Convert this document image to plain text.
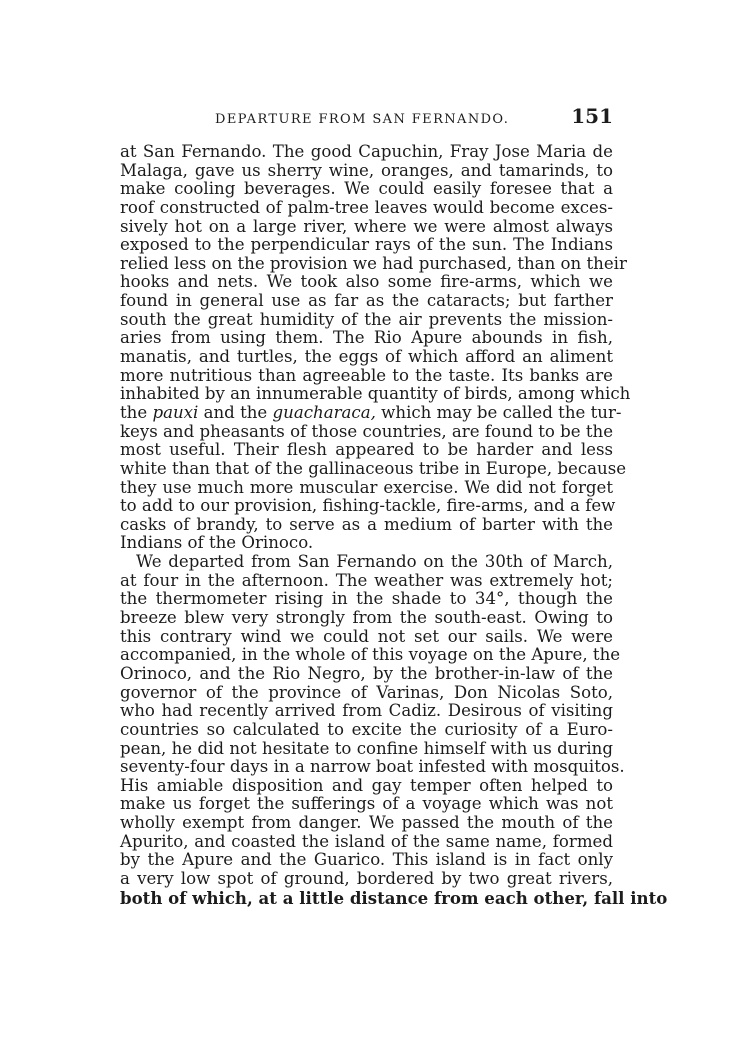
DEPARTURE FROM SAN FERNANDO.	151
at San Fernando. The good Capuchin, Fray Jose Maria de
Malaga, gave us sherry wine, oranges, and tamarinds, to
make cooling beverages. We could easily foresee that a
roof constructed of palm-tree leaves would become exces-
sively hot on a large river, where we were almost always
exposed to the perpendicular rays of the sun. The Indians
relied less on the provision we had purchased, than on their
hooks and nets. We took also some fire-arms, which we
found in general use as far as the cataracts; but farther
south the great humidity of the air prevents the mission-
aries from using them. The Rio Apure abounds in fish,
manatis, and turtles, the eggs of which afford an aliment
more nutritious than agreeable to the taste. Its banks are
inhabited by an innumerable quantity of birds, among which
the pauxi and the guacharaca, which may be called the tur-
keys and pheasants of those countries, are found to be the
most useful. Their flesh appeared to be harder and less
white than that of the gallinaceous tribe in Europe, because
they use much more muscular exercise. We did not forget
to add to our provision, fishing-tackle, fire-arms, and a few
casks of brandy, to serve as a medium of barter with the
Indians of the Orinoco.
We departed from San Fernando on the 30th of March,
at four in the afternoon. The weather was extremely hot;
the thermometer rising in the shade to 34°, though the
breeze blew very strongly from the south-east. Owing to
this contrary wind we could not set our sails. We were
accompanied, in the whole of this voyage on the Apure, the
Orinoco, and the Rio Negro, by the brother-in-law of the
governor of the province of Varinas, Don Nicolas Soto,
who had recently arrived from Cadiz. Desirous of visiting
countries so calculated to excite the curiosity of a Euro-
pean, he did not hesitate to confine himself with us during
seventy-four days in a narrow boat infested with mosquitos.
His amiable disposition and gay temper often helped to
make us forget the sufferings of a voyage which was not
wholly exempt from danger. We passed the mouth of the
Apurito, and coasted the island of the same name, formed
by the Apure and the Guarico. This island is in fact only
a very low spot of ground, bordered by two great rivers,
both of which, at a little distance from each other, fall into
